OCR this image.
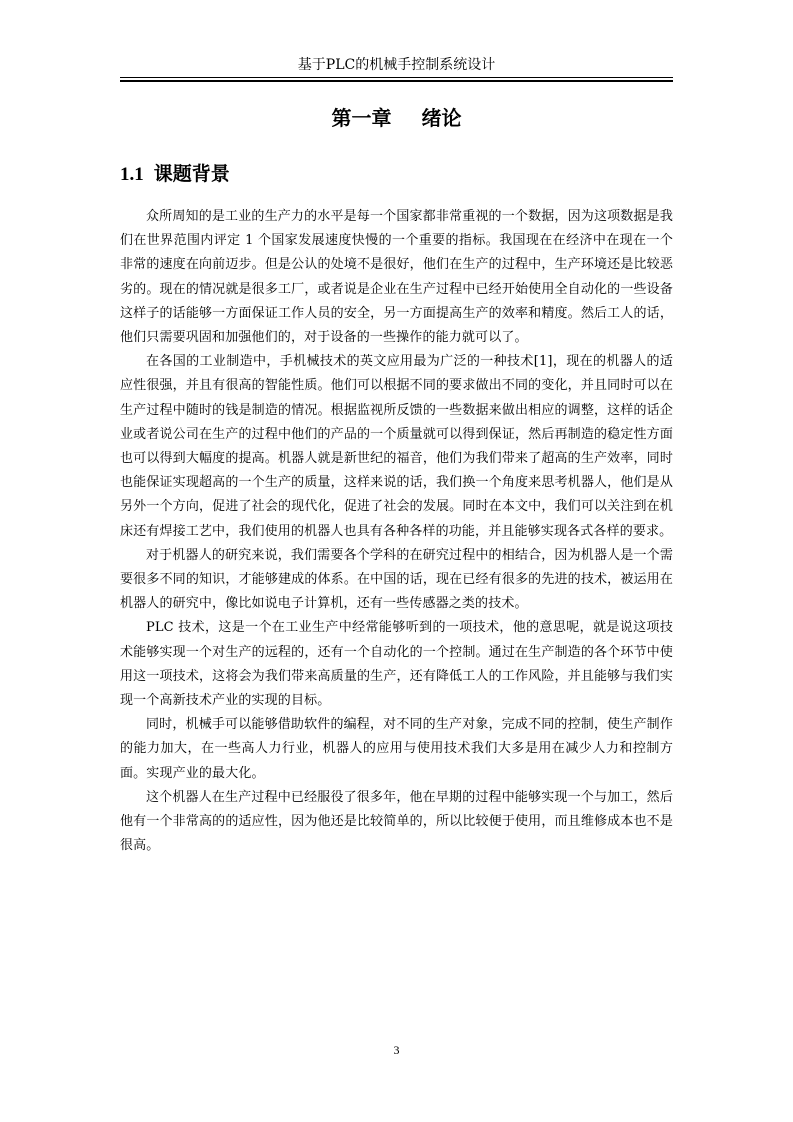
基于PLC的机械手控制系统设计
第一章 绪论
1.1 课题背景

众所周知的是工业的生产力的水平是每一个国家都非常重视的一个数据，因为这项数据是我们在世界范围内评定 1 个国家发展速度快慢的一个重要的指标。我国现在在经济中在现在一个非常的速度在向前迈步。但是公认的处境不是很好，他们在生产的过程中，生产环境还是比较恶劣的。现在的情况就是很多工厂，或者说是企业在生产过程中已经开始使用全自动化的一些设备这样子的话能够一方面保证工作人员的安全，另一方面提高生产的效率和精度。然后工人的话，他们只需要巩固和加强他们的，对于设备的一些操作的能力就可以了。

在各国的工业制造中，手机械技术的英文应用最为广泛的一种技术[1]，现在的机器人的适应性很强，并且有很高的智能性质。他们可以根据不同的要求做出不同的变化，并且同时可以在生产过程中随时的钱是制造的情况。根据监视所反馈的一些数据来做出相应的调整，这样的话企业或者说公司在生产的过程中他们的产品的一个质量就可以得到保证，然后再制造的稳定性方面也可以得到大幅度的提高。机器人就是新世纪的福音，他们为我们带来了超高的生产效率，同时也能保证实现超高的一个生产的质量，这样来说的话，我们换一个角度来思考机器人，他们是从另外一个方向，促进了社会的现代化，促进了社会的发展。同时在本文中，我们可以关注到在机床还有焊接工艺中，我们使用的机器人也具有各种各样的功能，并且能够实现各式各样的要求。

对于机器人的研究来说，我们需要各个学科的在研究过程中的相结合，因为机器人是一个需要很多不同的知识，才能够建成的体系。在中国的话，现在已经有很多的先进的技术，被运用在机器人的研究中，像比如说电子计算机，还有一些传感器之类的技术。

PLC 技术，这是一个在工业生产中经常能够听到的一项技术，他的意思呢，就是说这项技术能够实现一个对生产的远程的，还有一个自动化的一个控制。通过在生产制造的各个环节中使用这一项技术，这将会为我们带来高质量的生产，还有降低工人的工作风险，并且能够与我们实现一个高新技术产业的实现的目标。

同时，机械手可以能够借助软件的编程，对不同的生产对象，完成不同的控制，使生产制作的能力加大，在一些高人力行业，机器人的应用与使用技术我们大多是用在减少人力和控制方面。实现产业的最大化。

这个机器人在生产过程中已经服役了很多年，他在早期的过程中能够实现一个与加工，然后他有一个非常高的的适应性，因为他还是比较简单的，所以比较便于使用，而且维修成本也不是很高。

3
